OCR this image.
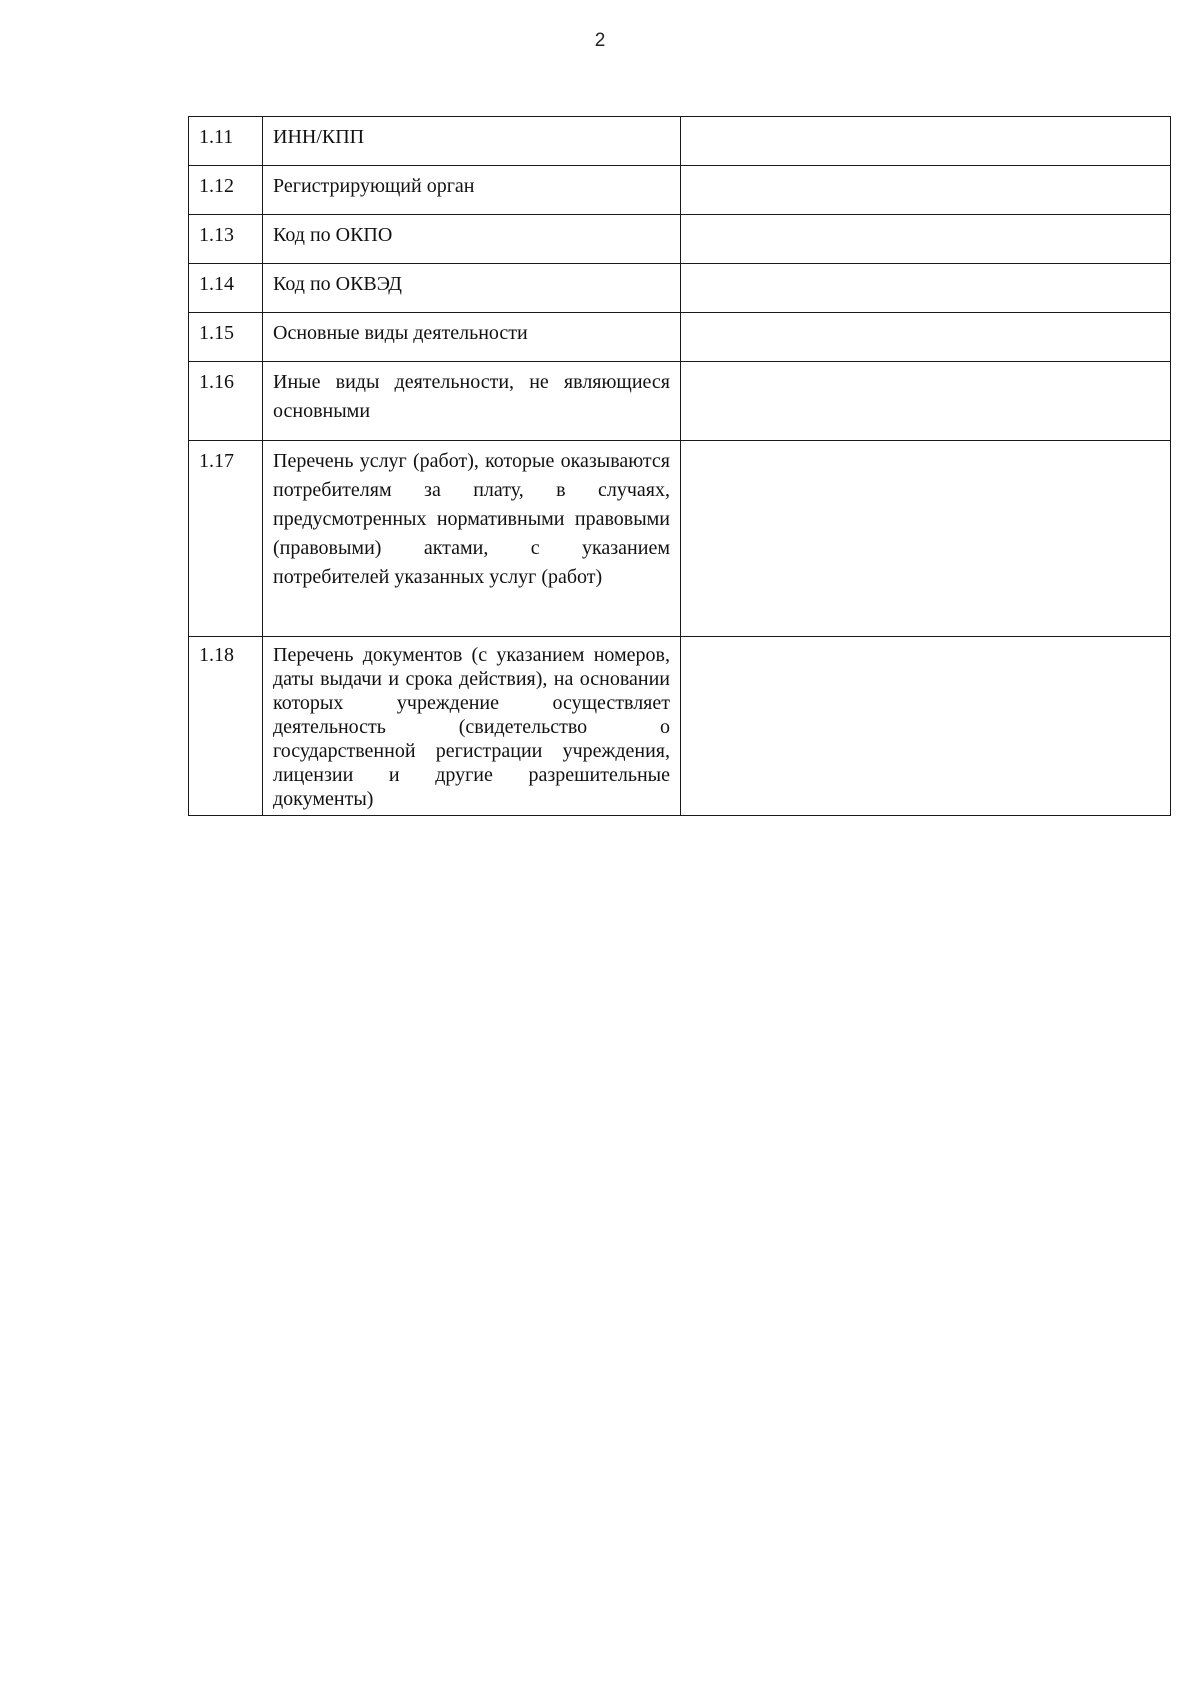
2
1.11	ИНН/КПП	
1.12	Регистрирующий орган	
1.13	Код по ОКПО	
1.14	Код по ОКВЭД	
1.15	Основные виды деятельности	
1.16	Иные виды деятельности, не являющиеся основными	
1.17	Перечень услуг (работ), которые оказываются потребителям за плату, в случаях, предусмотренных нормативными правовыми (правовыми) актами, с указанием потребителей указанных услуг (работ)	
1.18	Перечень документов (с указанием номеров, даты выдачи и срока действия), на основании которых учреждение осуществляет деятельность (свидетельство о государственной регистрации учреждения, лицензии и другие разрешительные документы)	
